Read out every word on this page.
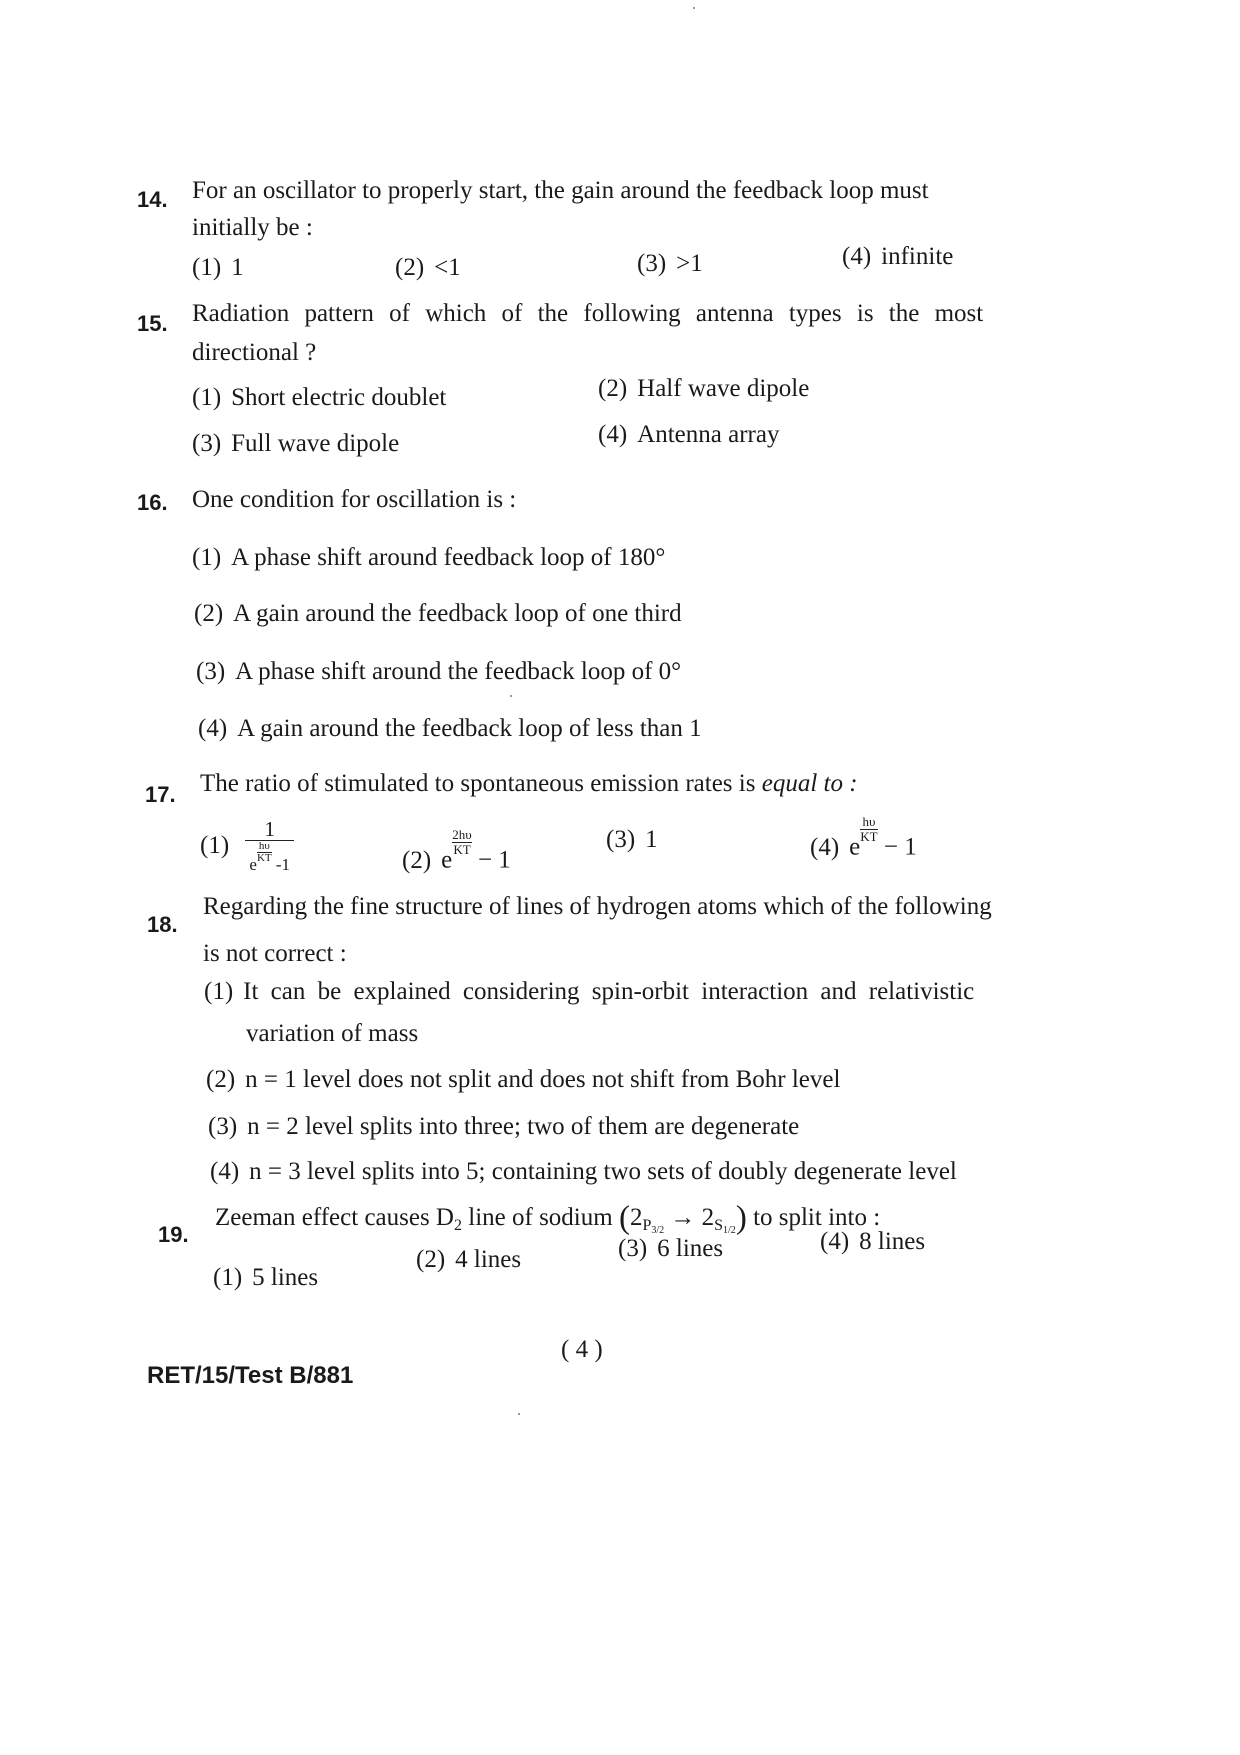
14. For an oscillator to properly start, the gain around the feedback loop must
initially be :
(1) 1	(2) <1	(3) >1	(4) infinite
15. Radiation pattern of which of the following antenna types is the most
directional ?
(1) Short electric doublet	(2) Half wave dipole
(3) Full wave dipole	(4) Antenna array
16. One condition for oscillation is :
(1) A phase shift around feedback loop of 180°
(2) A gain around the feedback loop of one third
(3) A phase shift around the feedback loop of 0°
(4) A gain around the feedback loop of less than 1
17. The ratio of stimulated to spontaneous emission rates is equal to :
(1) 1
$e\frac{h\upsilon}{KT}$
-1	(2) $e\frac{2h\upsilon}{KT}$
− 1
(3) 1	(4) $e\frac{h\upsilon}{KT}$
− 1
18.
Regarding the fine structure of lines of hydrogen atoms which of the following
is not correct :
(1) It can be explained considering spin-orbit interaction and relativistic
variation of mass
(2) n = 1 level does not split and does not shift from Bohr level
(3) n = 2 level splits into three; two of them are degenerate
(4) n = 3 level splits into 5; containing two sets of doubly degenerate level
19.
Zeeman effect causes $D_2$ line of sodium $(2_{P3/2} \to 2_{S1/2})$ to split into :
(1) 5 lines
(2) 4 lines	(3) 6 lines	(4) 8 lines
( 4 )
RET/15/Test B/881
